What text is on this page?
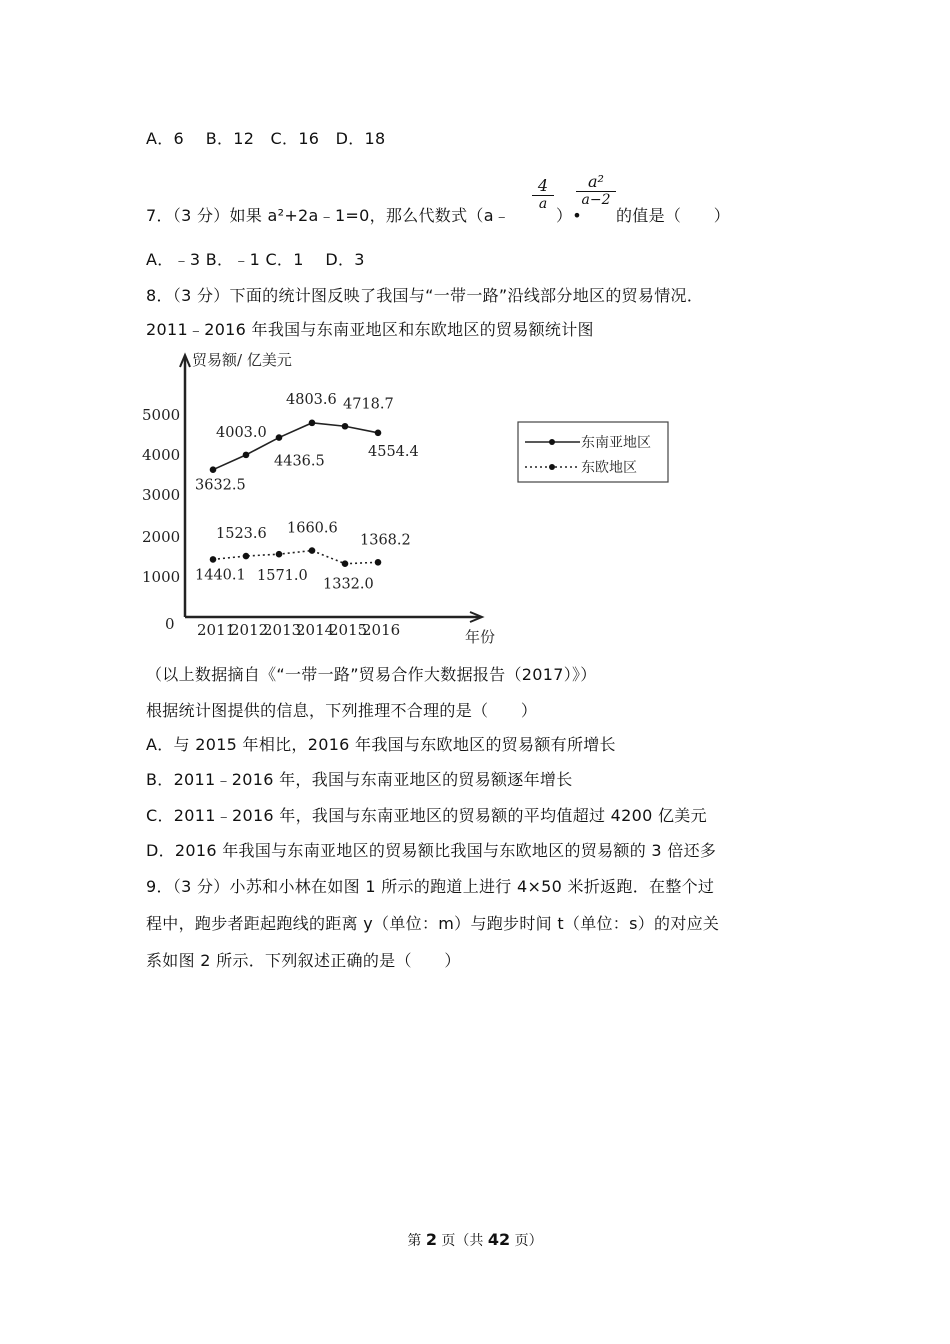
A．6　 B．12　C．16　D．18
7．（3 分）如果 a²+2a﹣1=0，那么代数式（a﹣
4
a
）•
a²
a−2
的值是（　　）
A．﹣3 B．﹣1 C．1　 D．3
8．（3 分）下面的统计图反映了我国与“一带一路”沿线部分地区的贸易情况．
2011﹣2016 年我国与东南亚地区和东欧地区的贸易额统计图
贸易额/ 亿美元
年份
5000
4000
3000
2000
1000
0 2011
2012
2013
2014
2015
2016
3632.5
4003.0
4436.5
4803.6 4718.7
4554.4
1440.1
1523.6
1571.0
1660.6
1332.0
1368.2
东南亚地区
东欧地区
（以上数据摘自《“一带一路”贸易合作大数据报告（2017）》）
根据统计图提供的信息，下列推理不合理的是（　　）
A．与 2015 年相比，2016 年我国与东欧地区的贸易额有所增长
B．2011﹣2016 年，我国与东南亚地区的贸易额逐年增长
C．2011﹣2016 年，我国与东南亚地区的贸易额的平均值超过 4200 亿美元
D．2016 年我国与东南亚地区的贸易额比我国与东欧地区的贸易额的 3 倍还多
9．（3 分）小苏和小林在如图 1 所示的跑道上进行 4×50 米折返跑．在整个过
程中，跑步者距起跑线的距离 y（单位：m）与跑步时间 t（单位：s）的对应关
系如图 2 所示．下列叙述正确的是（　　）
第 2 页（共 42 页）
